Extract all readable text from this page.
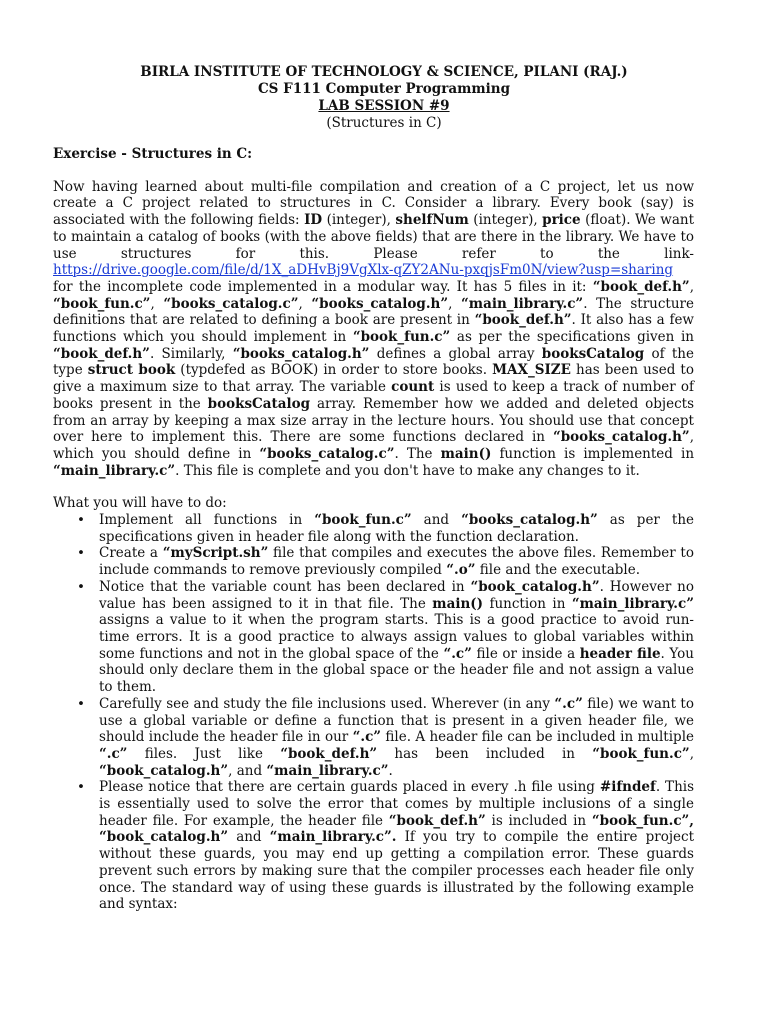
BIRLA INSTITUTE OF TECHNOLOGY & SCIENCE, PILANI (RAJ.)
CS F111 Computer Programming
LAB SESSION #9
(Structures in C)
Exercise - Structures in C:
Now having learned about multi-file compilation and creation of a C project, let us now create a C project related to structures in C. Consider a library. Every book (say) is associated with the following fields: ID (integer), shelfNum (integer), price (float). We want to maintain a catalog of books (with the above fields) that are there in the library. We have to use structures for this. Please refer to the link- https://drive.google.com/file/d/1X_aDHvBj9VgXlx-qZY2ANu-pxqjsFm0N/view?usp=sharing for the incomplete code implemented in a modular way. It has 5 files in it: “book_def.h”, “book_fun.c”, “books_catalog.c”, “books_catalog.h”, “main_library.c”. The structure definitions that are related to defining a book are present in “book_def.h”. It also has a few functions which you should implement in “book_fun.c” as per the specifications given in “book_def.h”. Similarly, “books_catalog.h” defines a global array booksCatalog of the type struct book (typdefed as BOOK) in order to store books. MAX_SIZE has been used to give a maximum size to that array. The variable count is used to keep a track of number of books present in the booksCatalog array. Remember how we added and deleted objects from an array by keeping a max size array in the lecture hours. You should use that concept over here to implement this. There are some functions declared in “books_catalog.h”, which you should define in “books_catalog.c”. The main() function is implemented in “main_library.c”. This file is complete and you don't have to make any changes to it.
What you will have to do:
• Implement all functions in “book_fun.c” and “books_catalog.h” as per the specifications given in header file along with the function declaration.
• Create a “myScript.sh” file that compiles and executes the above files. Remember to include commands to remove previously compiled “.o” file and the executable.
• Notice that the variable count has been declared in “book_catalog.h”. However no value has been assigned to it in that file. The main() function in “main_library.c” assigns a value to it when the program starts. This is a good practice to avoid run-time errors. It is a good practice to always assign values to global variables within some functions and not in the global space of the “.c” file or inside a header file. You should only declare them in the global space or the header file and not assign a value to them.
• Carefully see and study the file inclusions used. Wherever (in any “.c” file) we want to use a global variable or define a function that is present in a given header file, we should include the header file in our “.c” file. A header file can be included in multiple “.c” files. Just like “book_def.h” has been included in “book_fun.c”, “book_catalog.h”, and “main_library.c”.
• Please notice that there are certain guards placed in every .h file using #ifndef. This is essentially used to solve the error that comes by multiple inclusions of a single header file. For example, the header file “book_def.h” is included in “book_fun.c”, “book_catalog.h” and “main_library.c”. If you try to compile the entire project without these guards, you may end up getting a compilation error. These guards prevent such errors by making sure that the compiler processes each header file only once. The standard way of using these guards is illustrated by the following example and syntax:
